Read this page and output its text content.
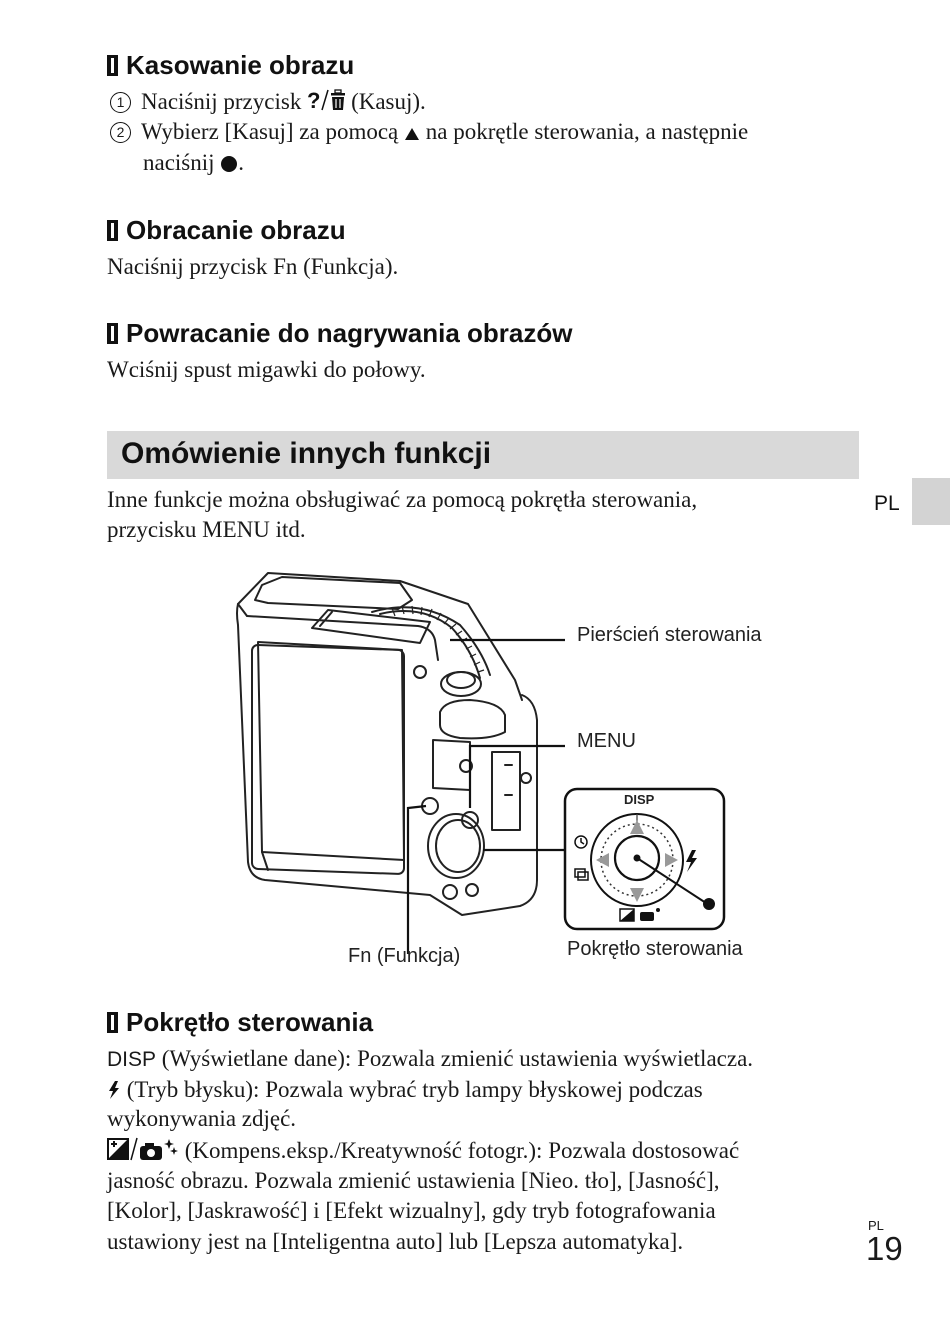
Kasowanie obrazu
1 Naciśnij przycisk ? (Kasuj).
2 Wybierz [Kasuj] za pomocą na pokrętle sterowania, a następnie
naciśnij .
Obracanie obrazu
Naciśnij przycisk Fn (Funkcja).
Powracanie do nagrywania obrazów
Wciśnij spust migawki do połowy.
Omówienie innych funkcji
Inne funkcje można obsługiwać za pomocą pokrętła sterowania,
przycisku MENU itd.
PL
Pierścień sterowania
MENU
Fn (Funkcja)	Pokrętło sterowania
DISP
Pokrętło sterowania
DISP (Wyświetlane dane): Pozwala zmienić ustawienia wyświetlacza.
(Tryb błysku): Pozwala wybrać tryb lampy błyskowej podczas
wykonywania zdjęć.
(Kompens.eksp./Kreatywność fotogr.): Pozwala dostosować
jasność obrazu. Pozwala zmienić ustawienia [Nieo. tło], [Jasność],
[Kolor], [Jaskrawość] i [Efekt wizualny], gdy tryb fotografowania
ustawiony jest na [Inteligentna auto] lub [Lepsza automatyka].
PL
19
